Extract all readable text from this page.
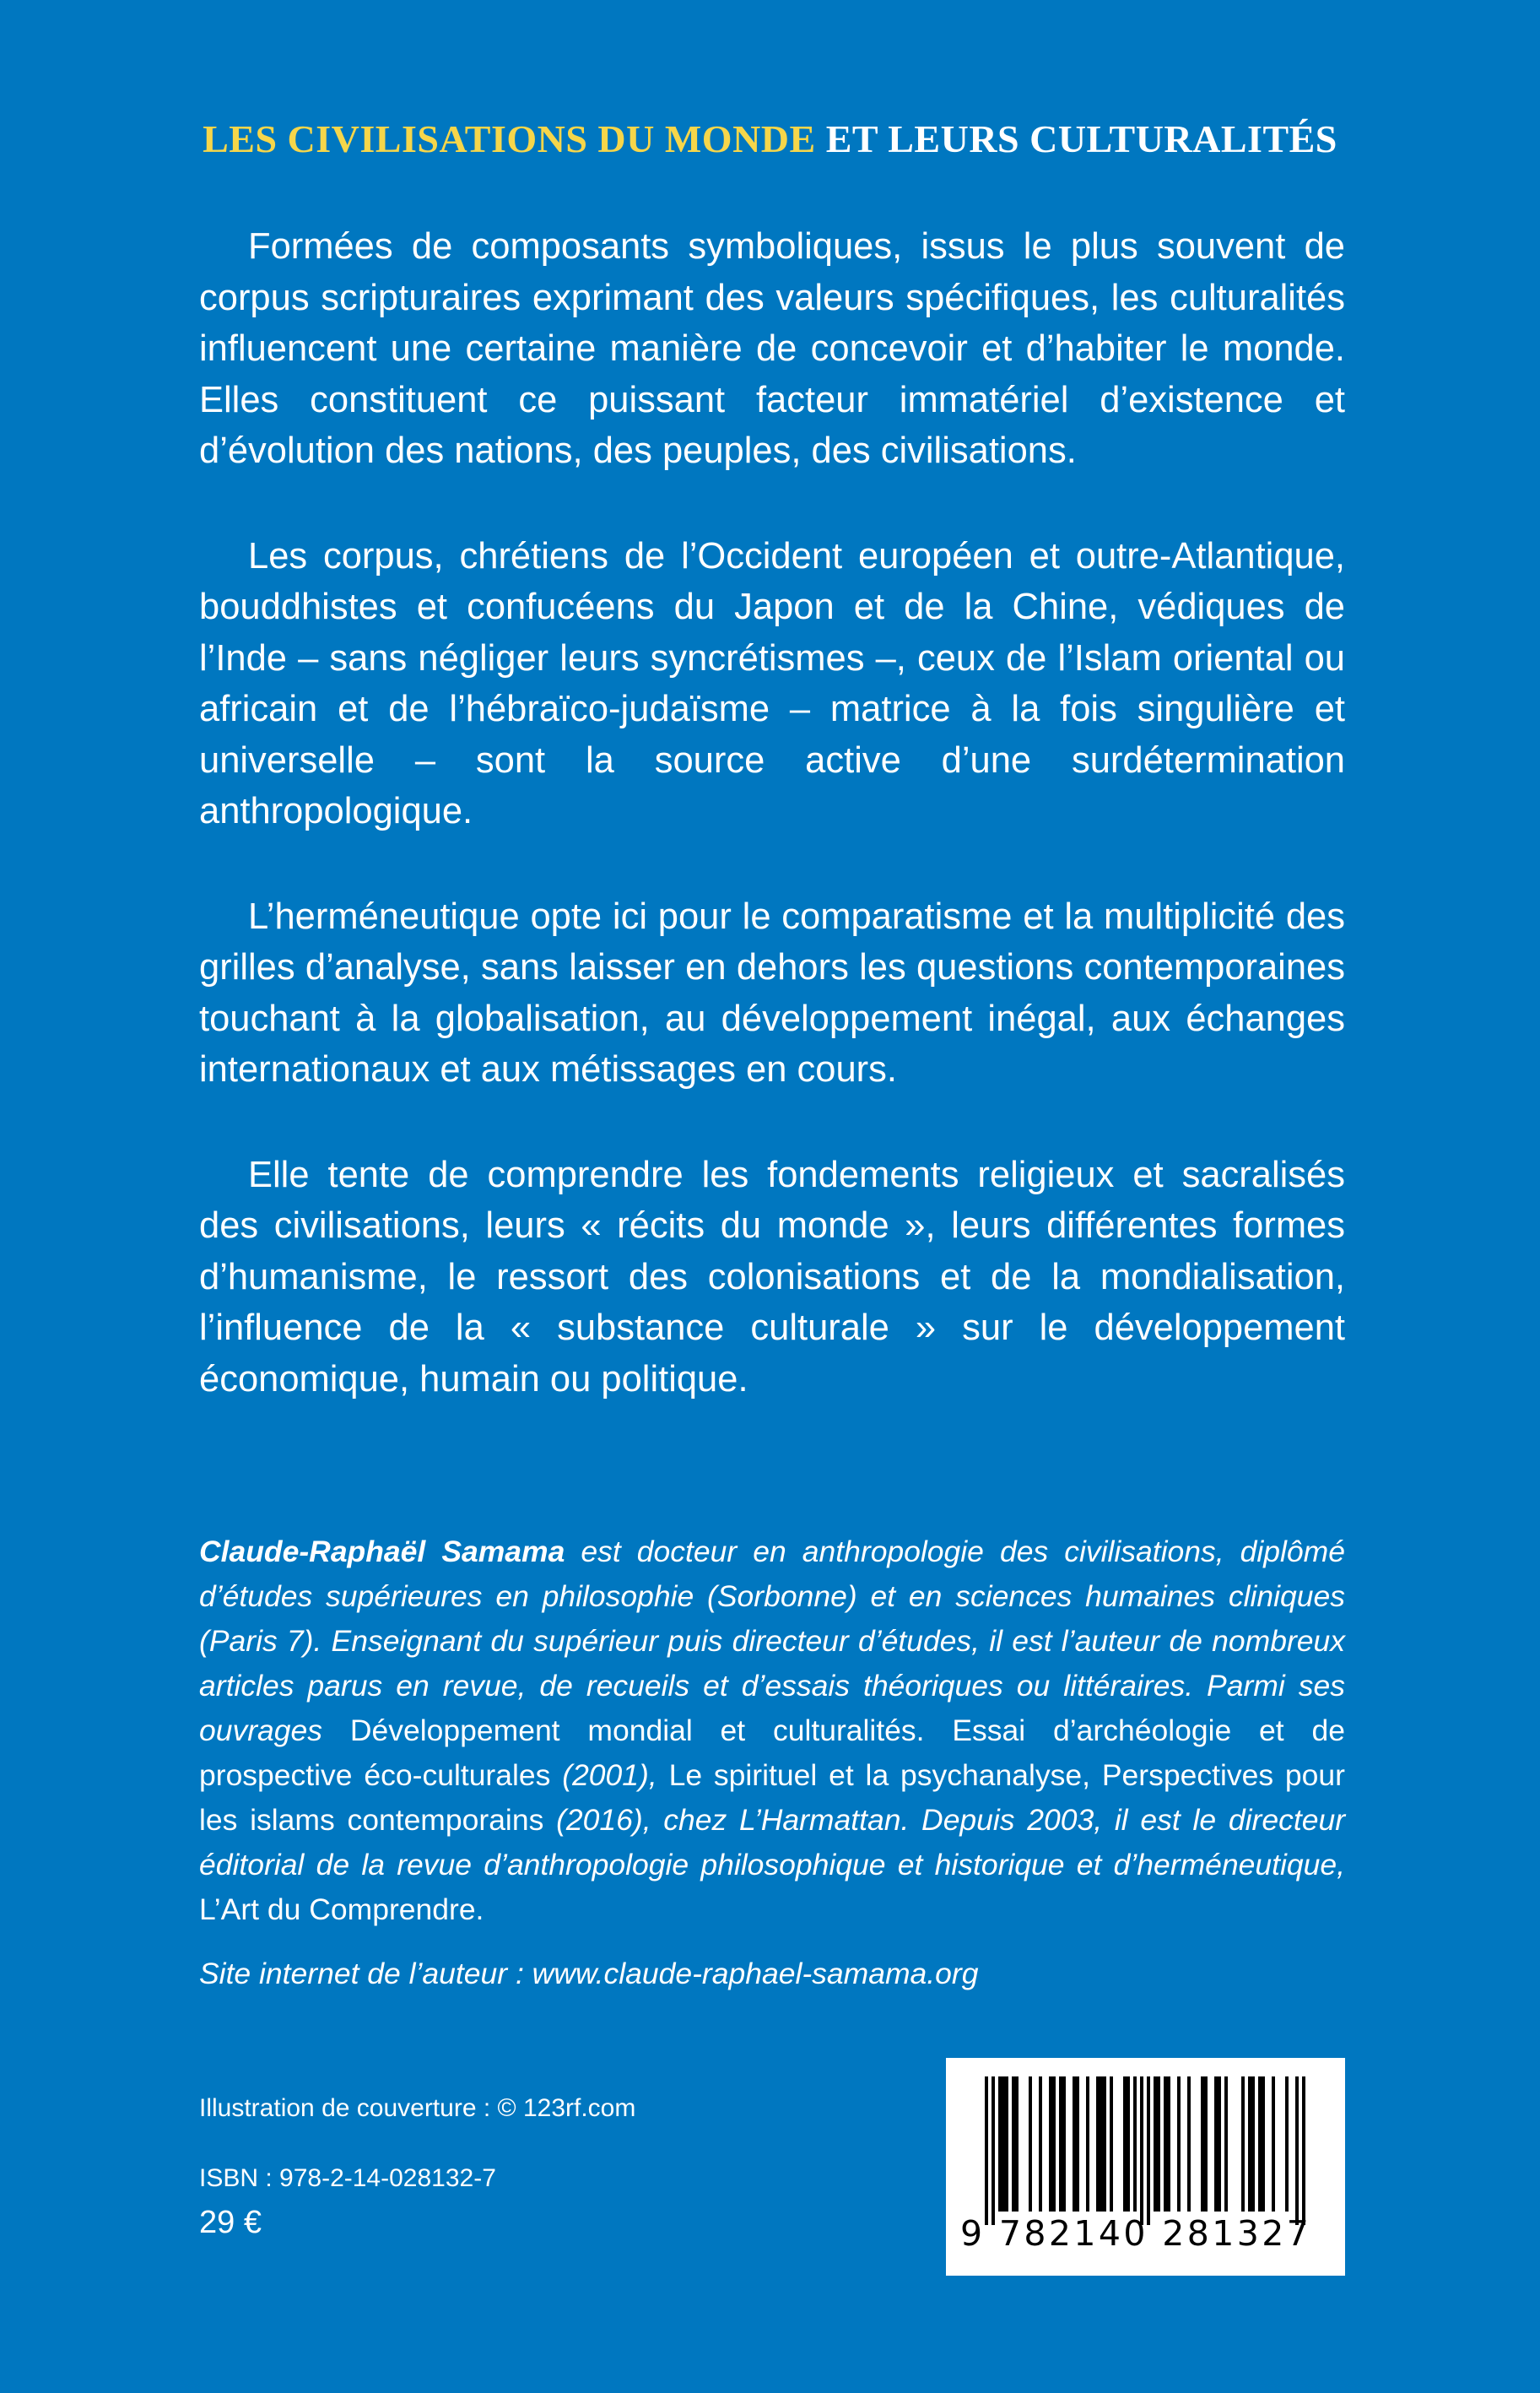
LES CIVILISATIONS DU MONDE ET LEURS CULTURALITÉS

Formées de composants symboliques, issus le plus souvent de corpus scripturaires exprimant des valeurs spécifiques, les culturalités influencent une certaine manière de concevoir et d’habiter le monde. Elles constituent ce puissant facteur immatériel d’existence et d’évolution des nations, des peuples, des civilisations.

Les corpus, chrétiens de l’Occident européen et outre-Atlantique, bouddhistes et confucéens du Japon et de la Chine, védiques de l’Inde – sans négliger leurs syncrétismes –, ceux de l’Islam oriental ou africain et de l’hébraïco-judaïsme – matrice à la fois singulière et universelle – sont la source active d’une surdétermination anthropologique.

L’herméneutique opte ici pour le comparatisme et la multiplicité des grilles d’analyse, sans laisser en dehors les questions contemporaines touchant à la globalisation, au développement inégal, aux échanges internationaux et aux métissages en cours.

Elle tente de comprendre les fondements religieux et sacralisés des civilisations, leurs « récits du monde », leurs différentes formes d’humanisme, le ressort des colonisations et de la mondialisation, l’influence de la « substance culturale » sur le développement économique, humain ou politique.

Claude-Raphaël Samama est docteur en anthropologie des civilisations, diplômé d’études supérieures en philosophie (Sorbonne) et en sciences humaines cliniques (Paris 7). Enseignant du supérieur puis directeur d’études, il est l’auteur de nombreux articles parus en revue, de recueils et d’essais théoriques ou littéraires. Parmi ses ouvrages Développement mondial et culturalités. Essai d’archéologie et de prospective éco-culturales (2001), Le spirituel et la psychanalyse, Perspectives pour les islams contemporains (2016), chez L’Harmattan. Depuis 2003, il est le directeur éditorial de la revue d’anthropologie philosophique et historique et d’herméneutique, L’Art du Comprendre.

Site internet de l’auteur : www.claude-raphael-samama.org
Illustration de couverture : © 123rf.com
ISBN : 978-2-14-028132-7
29 €	9 782140 281327
